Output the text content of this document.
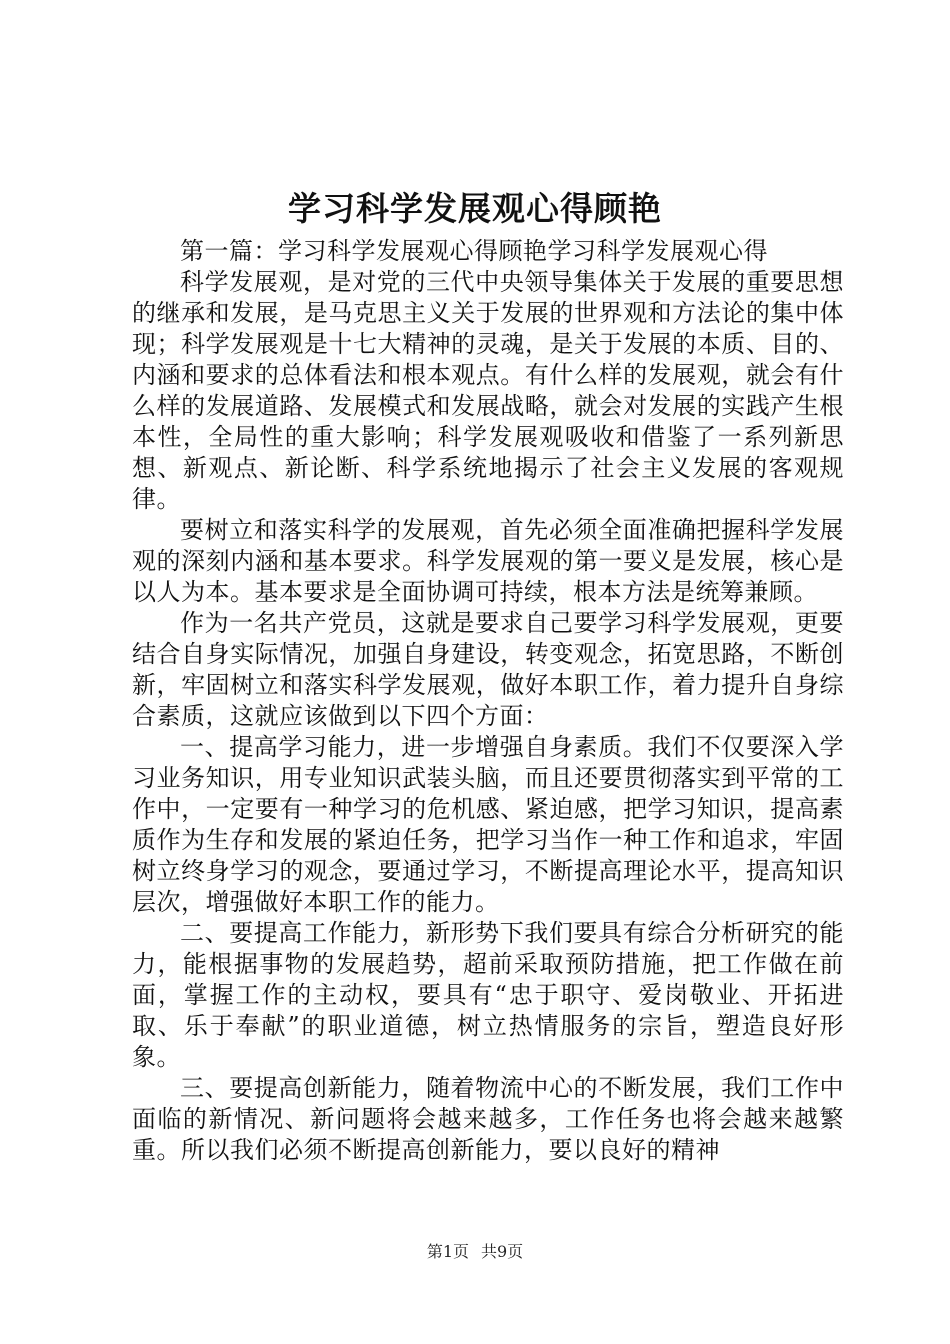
学习科学发展观心得顾艳

第一篇：学习科学发展观心得顾艳学习科学发展观心得

科学发展观，是对党的三代中央领导集体关于发展的重要思想的继承和发展，是马克思主义关于发展的世界观和方法论的集中体现；科学发展观是十七大精神的灵魂，是关于发展的本质、目的、内涵和要求的总体看法和根本观点。有什么样的发展观，就会有什么样的发展道路、发展模式和发展战略，就会对发展的实践产生根本性，全局性的重大影响；科学发展观吸收和借鉴了一系列新思想、新观点、新论断、科学系统地揭示了社会主义发展的客观规律。

要树立和落实科学的发展观，首先必须全面准确把握科学发展观的深刻内涵和基本要求。科学发展观的第一要义是发展，核心是以人为本。基本要求是全面协调可持续，根本方法是统筹兼顾。

作为一名共产党员，这就是要求自己要学习科学发展观，更要结合自身实际情况，加强自身建设，转变观念，拓宽思路，不断创新，牢固树立和落实科学发展观，做好本职工作，着力提升自身综合素质，这就应该做到以下四个方面：

一、提高学习能力，进一步增强自身素质。我们不仅要深入学习业务知识，用专业知识武装头脑，而且还要贯彻落实到平常的工作中，一定要有一种学习的危机感、紧迫感，把学习知识，提高素质作为生存和发展的紧迫任务，把学习当作一种工作和追求，牢固树立终身学习的观念，要通过学习，不断提高理论水平，提高知识层次，增强做好本职工作的能力。

二、要提高工作能力，新形势下我们要具有综合分析研究的能力，能根据事物的发展趋势，超前采取预防措施，把工作做在前面，掌握工作的主动权，要具有“忠于职守、爱岗敬业、开拓进取、乐于奉献”的职业道德，树立热情服务的宗旨，塑造良好形象。

三、要提高创新能力，随着物流中心的不断发展，我们工作中面临的新情况、新问题将会越来越多，工作任务也将会越来越繁重。所以我们必须不断提高创新能力，要以良好的精神

第1页 共9页
